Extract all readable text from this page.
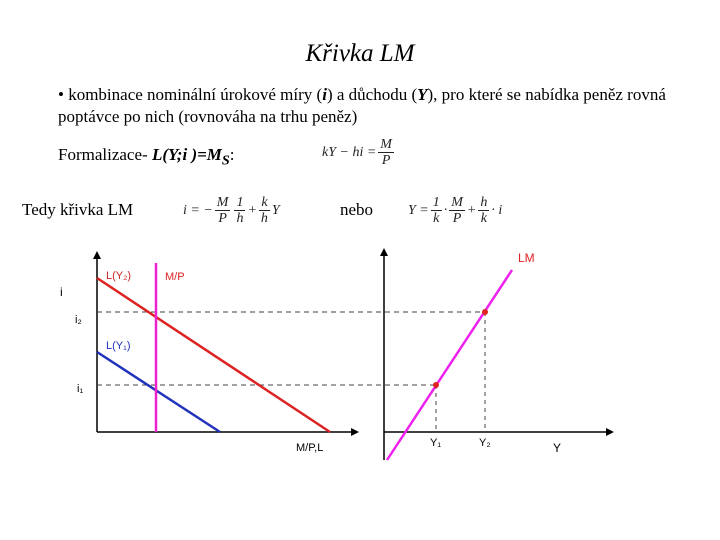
Křivka LM
• kombinace nominální úrokové míry (i) a důchodu (Y), pro které se nabídka peněz rovná poptávce po nich (rovnováha na trhu peněz)
Formalizace- L(Y;i )$=M_S$:	kY − hi = $\frac{M}{P}$
Tedy křivka LM	i =
− $\frac{M}{P} \frac{1}{h} + \frac{k}{h}$ Y	nebo $Y = \frac{1}{k} \cdot \frac{M}{P} + \frac{h}{k} \cdot i$
i
i₂
i₁
L(Y₂)
L(Y₁)
M/P
M/P,L
LM
Y₁	Y₂	Y
